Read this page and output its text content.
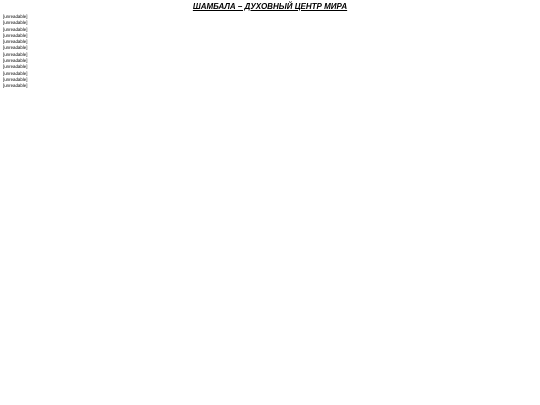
ШАМБАЛА – ДУХОВНЫЙ ЦЕНТР МИРА

[unreadable]

[unreadable]

[unreadable]

[unreadable]

[unreadable]

[unreadable]

[unreadable]

[unreadable]

[unreadable]

[unreadable]

[unreadable]

[unreadable]
